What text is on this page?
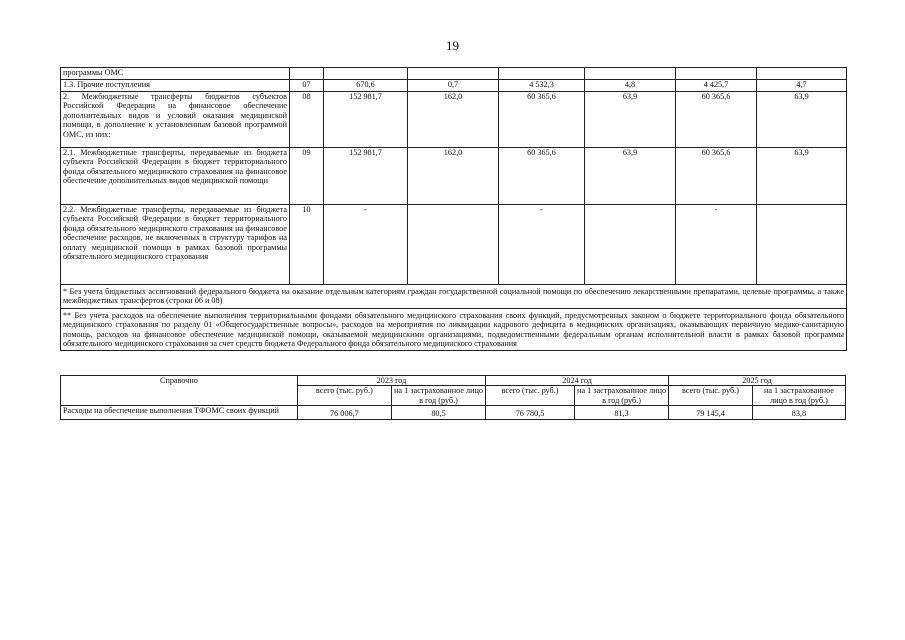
19
программы ОМС							
1.3. Прочие поступления	07	670,6	0,7	4 532,3	4,8	4 425,7	4,7
2. Межбюджетные трансферты бюджетов субъектов Российской Федерации на финансовое обеспечение дополнительных видов и условий оказания медицинской помощи, в дополнение к установленным базовой программой ОМС, из них:	08	152 981,7	162,0	60 365,6	63,9	60 365,6	63,9
2.1. Межбюджетные трансферты, передаваемые из бюджета субъекта Российской Федерации в бюджет территориального фонда обязательного медицинского страхования на финансовое обеспечение дополнительных видов медицинской помощи	09	152 981,7	162,0	60 365,6	63,9	60 365,6	63,9
2.2. Межбюджетные трансферты, передаваемые из бюджета субъекта Российской Федерации в бюджет территориального фонда обязательного медицинского страхования на финансовое обеспечение расходов, не включенных в структуру тарифов на оплату медицинской помощи в рамках базовой программы обязательного медицинского страхования	10	-		-		-	
* Без учета бюджетных ассигнований федерального бюджета на оказание отдельным категориям граждан государственной социальной помощи по обеспечению лекарственными препаратами, целевые программы, а также межбюджетных трансфертов (строки 06 и 08)							
** Без учета расходов на обеспечение выполнения территориальными фондами обязательного медицинского страхования своих функций, предусмотренных законом о бюджете территориального фонда обязательного медицинского страхования по разделу 01 «Общегосударственные вопросы», расходов на мероприятия по ликвидации кадрового дефицита в медицинских организациях, оказывающих первичную медико-санитарную помощь, расходов на финансовое обеспечение медицинской помощи, оказываемой медицинскими организациями, подведомственными федеральным органам исполнительной власти в рамках базовой программы обязательного медицинского страхования за счет средств бюджета Федерального фонда обязательного медицинского страхования							
Справочно	2023 год		2024 год		2025 год	
	всего (тыс. руб.)	на 1 застрахованное лицо в год (руб.)	всего (тыс. руб.)	на 1 застрахованное лицо в год (руб.)	всего (тыс. руб.)	на 1 застрахованное лицо в год (руб.)
Расходы на обеспечение выполнения ТФОМС своих функций	76 006,7	80,5	76 780,5	81,3	79 145,4	83,8
